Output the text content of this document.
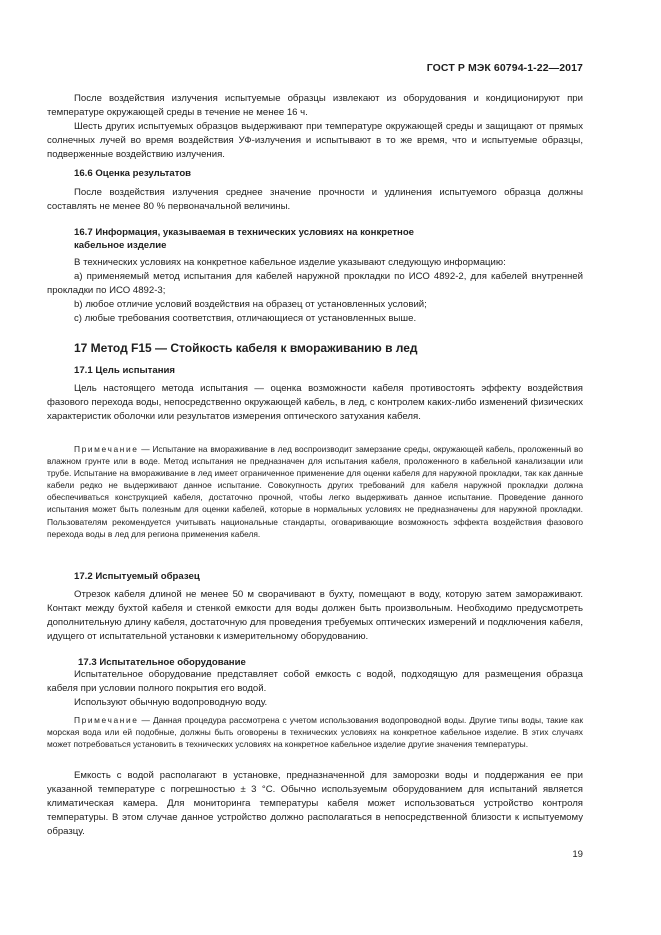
ГОСТ Р МЭК 60794-1-22—2017

После воздействия излучения испытуемые образцы извлекают из оборудования и кондиционируют при температуре окружающей среды в течение не менее 16 ч.

Шесть других испытуемых образцов выдерживают при температуре окружающей среды и защищают от прямых солнечных лучей во время воздействия УФ-излучения и испытывают в то же время, что и испытуемые образцы, подверженные воздействию излучения.

16.6 Оценка результатов

После воздействия излучения среднее значение прочности и удлинения испытуемого образца должны составлять не менее 80 % первоначальной величины.

16.7 Информация, указываемая в технических условиях на конкретное
кабельное изделие

В технических условиях на конкретное кабельное изделие указывают следующую информацию:

a) применяемый метод испытания для кабелей наружной прокладки по ИСО 4892-2, для кабелей внутренней прокладки по ИСО 4892-3;

b) любое отличие условий воздействия на образец от установленных условий;

c) любые требования соответствия, отличающиеся от установленных выше.

17 Метод F15 — Стойкость кабеля к вмораживанию в лед
17.1 Цель испытания

Цель настоящего метода испытания — оценка возможности кабеля противостоять эффекту воздействия фазового перехода воды, непосредственно окружающей кабель, в лед, с контролем каких-либо изменений физических характеристик оболочки или результатов измерения оптического затухания кабеля.

Примечание — Испытание на вмораживание в лед воспроизводит замерзание среды, окружающей кабель, проложенный во влажном грунте или в воде. Метод испытания не предназначен для испытания кабеля, проложенного в кабельной канализации или трубе. Испытание на вмораживание в лед имеет ограниченное применение для оценки кабеля для наружной прокладки, так как данные кабели редко не выдерживают данное испытание. Совокупность других требований для кабеля наружной прокладки должна обеспечиваться конструкцией кабеля, достаточно прочной, чтобы легко выдерживать данное испытание. Проведение данного испытания может быть полезным для оценки кабелей, которые в нормальных условиях не предназначены для наружной прокладки. Пользователям рекомендуется учитывать национальные стандарты, оговаривающие возможность эффекта воздействия фазового перехода воды в лед для региона применения кабеля.

17.2 Испытуемый образец

Отрезок кабеля длиной не менее 50 м сворачивают в бухту, помещают в воду, которую затем замораживают. Контакт между бухтой кабеля и стенкой емкости для воды должен быть произвольным. Необходимо предусмотреть дополнительную длину кабеля, достаточную для проведения требуемых оптических измерений и подключения кабеля, идущего от испытательной установки к измерительному оборудованию.

17.3 Испытательное оборудование

Испытательное оборудование представляет собой емкость с водой, подходящую для размещения образца кабеля при условии полного покрытия его водой.

Используют обычную водопроводную воду.

Примечание — Данная процедура рассмотрена с учетом использования водопроводной воды. Другие типы воды, такие как морская вода или ей подобные, должны быть оговорены в технических условиях на конкретное кабельное изделие. В этих случаях может потребоваться установить в технических условиях на конкретное кабельное изделие другие значения температуры.

Емкость с водой располагают в установке, предназначенной для заморозки воды и поддержания ее при указанной температуре с погрешностью ± 3 °C. Обычно используемым оборудованием для испытаний является климатическая камера. Для мониторинга температуры кабеля может использоваться устройство контроля температуры. В этом случае данное устройство должно располагаться в непосредственной близости к испытуемому образцу.

19
